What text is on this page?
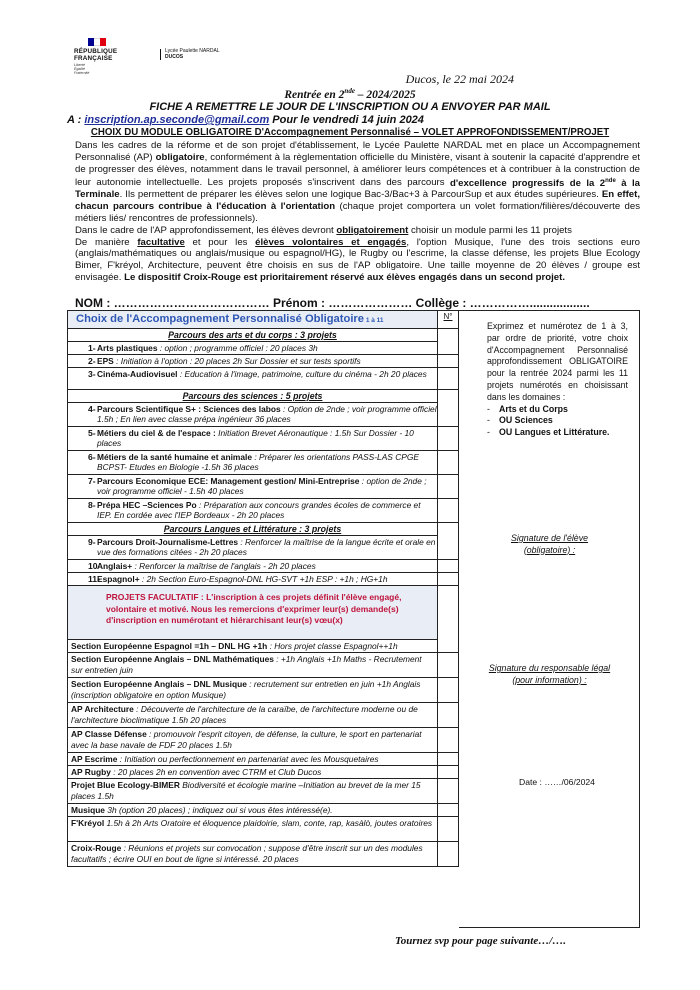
RÉPUBLIQUE
FRANÇAISE
Liberté
Égalité
Fraternité
Lycée Paulette NARDAL
DUCOS
Ducos, le 22 mai 2024
Rentrée en 2nde – 2024/2025
FICHE A REMETTRE LE JOUR DE L'INSCRIPTION OU A ENVOYER PAR MAIL
A : inscription.ap.seconde@gmail.com Pour le vendredi 14 juin 2024
CHOIX DU MODULE OBLIGATOIRE D'Accompagnement Personnalisé – VOLET APPROFONDISSEMENT/PROJET

Dans les cadres de la réforme et de son projet d'établissement, le Lycée Paulette NARDAL met en place un Accompagnement Personnalisé (AP) obligatoire, conformément à la règlementation officielle du Ministère, visant à soutenir la capacité d'apprendre et de progresser des élèves, notamment dans le travail personnel, à améliorer leurs compétences et à contribuer à la construction de leur autonomie intellectuelle. Les projets proposés s'inscrivent dans des parcours d'excellence progressifs de la 2nde à la Terminale. Ils permettent de préparer les élèves selon une logique Bac-3/Bac+3 à ParcourSup et aux études supérieures. En effet, chacun parcours contribue à l'éducation à l'orientation (chaque projet comportera un volet formation/filières/découverte des métiers liés/ rencontres de professionnels).

Dans le cadre de l'AP approfondissement, les élèves devront obligatoirement choisir un module parmi les 11 projets

De manière facultative et pour les élèves volontaires et engagés, l'option Musique, l'une des trois sections euro (anglais/mathématiques ou anglais/musique ou espagnol/HG), le Rugby ou l'escrime, la classe défense, les projets Blue Ecology Bimer, F'kréyol, Architecture, peuvent être choisis en sus de l'AP obligatoire. Une taille moyenne de 20 élèves / groupe est envisagée. Le dispositif Croix-Rouge est prioritairement réservé aux élèves engagés dans un second projet.

NOM : ………………………………… Prénom : ………………… Collège : ……………..................
Choix de l'Accompagnement Personnalisé Obligatoire 1 à 11	N°
Parcours des arts et du corps : 3 projets
1- Arts plastiques : option ; programme officiel : 20 places 3h
2- EPS : Initiation à l'option : 20 places 2h Sur Dossier et sur tests sportifs
3- Cinéma-Audiovisuel : Education à l'image, patrimoine, culture du cinéma - 2h 20 places
Parcours des sciences : 5 projets
4- Parcours Scientifique S+ : Sciences des labos : Option de 2nde ; voir programme officiel 1.5h ; En lien avec classe prépa ingénieur 36 places
5- Métiers du ciel & de l'espace : Initiation Brevet Aéronautique : 1.5h Sur Dossier - 10 places
6- Métiers de la santé humaine et animale : Préparer les orientations PASS-LAS CPGE BCPST- Etudes en Biologie -1.5h 36 places
7- Parcours Economique ECE: Management gestion/ Mini-Entreprise : option de 2nde ; voir programme officiel - 1.5h 40 places
8- Prépa HEC –Sciences Po : Préparation aux concours grandes écoles de commerce et IEP. En cordée avec l'IEP Bordeaux - 2h 20 places
Parcours Langues et Littérature : 3 projets
9- Parcours Droit-Journalisme-Lettres : Renforcer la maîtrise de la langue écrite et orale en vue des formations citées - 2h 20 places
10-
Anglais+ : Renforcer la maîtrise de l'anglais - 2h 20 places
11-
Espagnol+ : 2h Section Euro-Espagnol-DNL HG-SVT +1h ESP : +1h ; HG+1h
PROJETS FACULTATIF : L'inscription à ces projets définit l'élève engagé, volontaire et motivé. Nous les remercions d'exprimer leur(s) demande(s) d'inscription en numérotant et hiérarchisant leur(s) vœu(x)
Section Européenne Espagnol =1h – DNL HG +1h : Hors projet classe Espagnol++1h
Section Européenne Anglais – DNL Mathématiques : +1h Anglais +1h Maths - Recrutement sur entretien juin
Section Européenne Anglais – DNL Musique : recrutement sur entretien en juin +1h Anglais (inscription obligatoire en option Musique)
AP Architecture : Découverte de l'architecture de la caraïbe, de l'architecture moderne ou de l'architecture bioclimatique 1.5h 20 places
AP Classe Défense : promouvoir l'esprit citoyen, de défense, la culture, le sport en partenariat avec la base navale de FDF 20 places 1.5h
AP Escrime : Initiation ou perfectionnement en partenariat avec les Mousquetaires
AP Rugby : 20 places 2h en convention avec CTRM et Club Ducos
Projet Blue Ecology-BIMER Biodiversité et écologie marine –Initiation au brevet de la mer 15 places 1.5h
Musique 3h (option 20 places) ; indiquez oui si vous êtes intéressé(e).
F'Kréyol 1.5h à 2h Arts Oratoire et éloquence plaidoirie, slam, conte, rap, kasàlò, joutes oratoires
Croix-Rouge : Réunions et projets sur convocation ; suppose d'être inscrit sur un des modules facultatifs ; écrire OUI en bout de ligne si intéressé. 20 places
Exprimez et numérotez de 1 à 3, par ordre de priorité, votre choix d'Accompagnement Personnalisé approfondissement OBLIGATOIRE pour la rentrée 2024 parmi les 11 projets numérotés en choisissant dans les domaines :
- Arts et du Corps
- OU Sciences
- OU Langues et Littérature.
Signature de l'élève
(obligatoire) :
Signature du responsable légal
(pour information) :
Date : ……/06/2024
Tournez svp pour page suivante…/….
